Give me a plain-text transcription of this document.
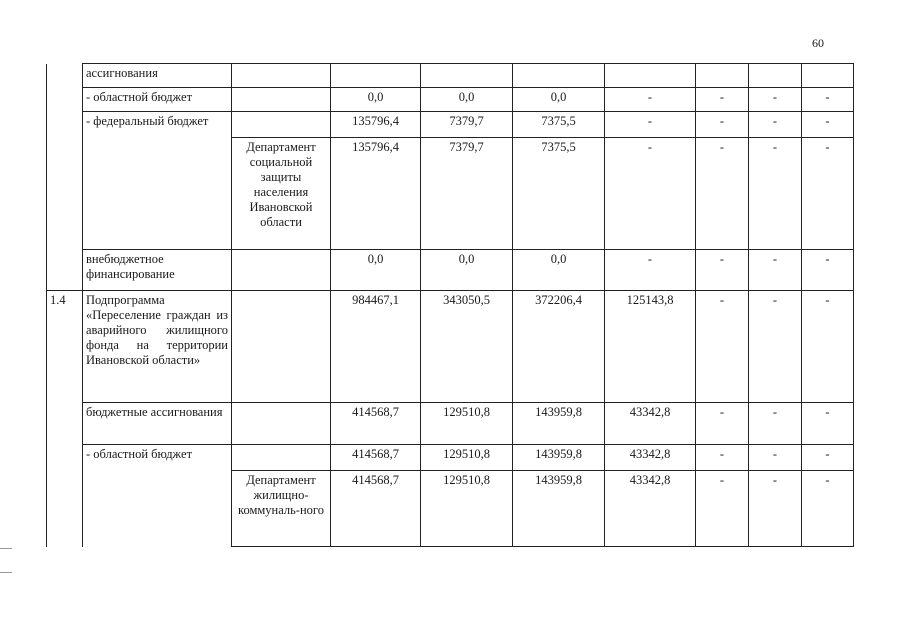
60
	ассигнования								
	- областной бюджет		0,0	0,0	0,0	-	-	-	-
	- федеральный бюджет		135796,4	7379,7	7375,5	-	-	-	-
		Департамент социальной защиты населения Ивановской области	135796,4	7379,7	7375,5	-	-	-	-
	внебюджетное финансирование		0,0	0,0	0,0	-	-	-	-
1.4	Подпрограмма «Переселение граждан из аварийного жилищного фонда на территории Ивановской области»		984467,1	343050,5	372206,4	125143,8	-	-	-
	бюджетные ассигнования		414568,7	129510,8	143959,8	43342,8	-	-	-
	- областной бюджет		414568,7	129510,8	143959,8	43342,8	-	-	-
		Департамент жилищно-коммуналь-ного	414568,7	129510,8	143959,8	43342,8	-	-	-
